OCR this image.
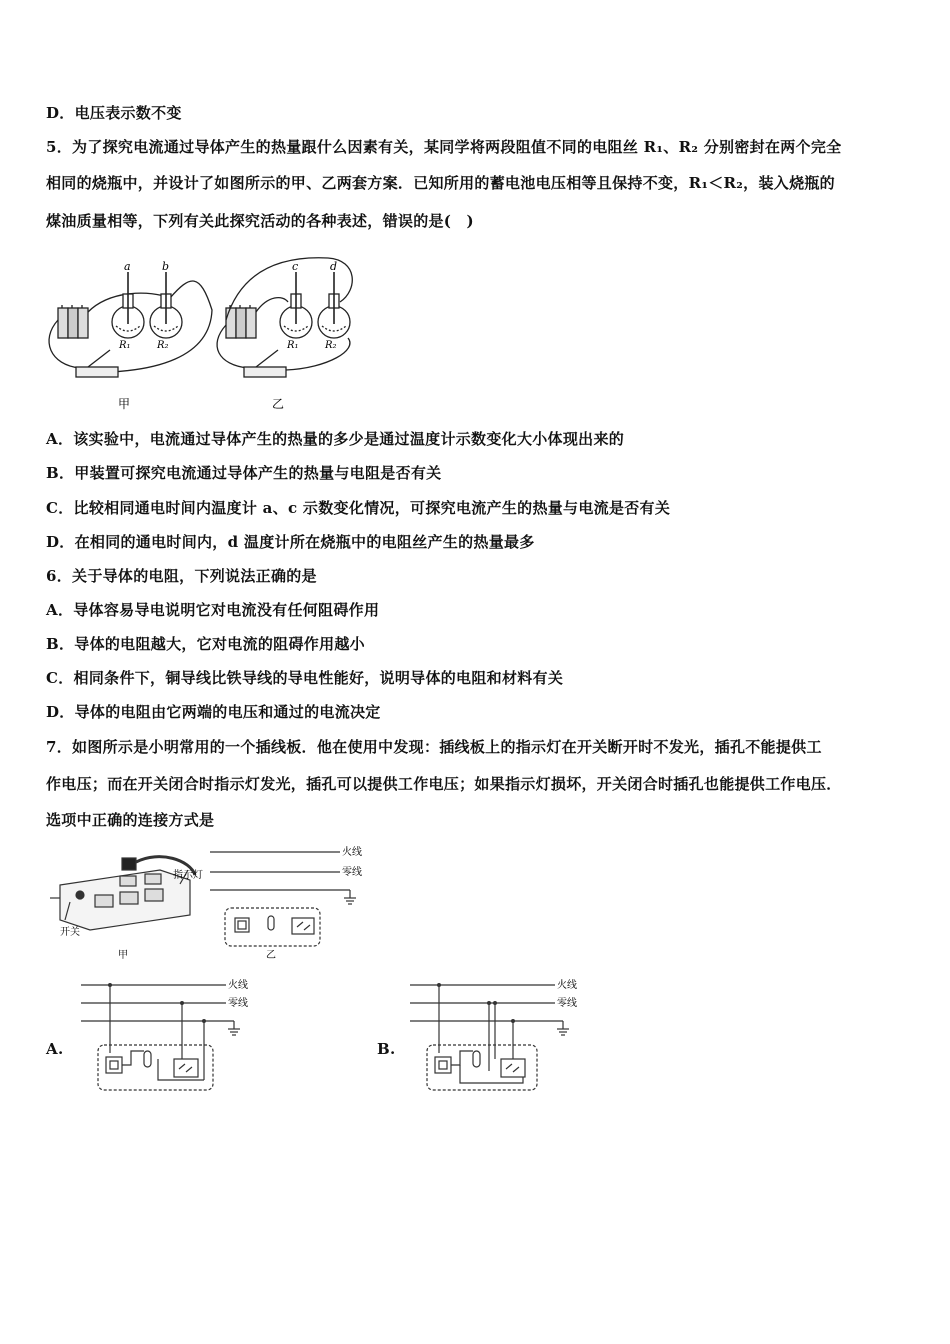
D．电压表示数不变
5．为了探究电流通过导体产生的热量跟什么因素有关，某同学将两段阻值不同的电阻丝 R₁、R₂ 分别密封在两个完全
相同的烧瓶中，并设计了如图所示的甲、乙两套方案．已知所用的蓄电池电压相等且保持不变，R₁＜R₂，装入烧瓶的
煤油质量相等，下列有关此探究活动的各种表述，错误的是(　)
a	b
R₁	R₂
甲
c	d
R₁	R₂
乙
A．该实验中，电流通过导体产生的热量的多少是通过温度计示数变化大小体现出来的
B．甲装置可探究电流通过导体产生的热量与电阻是否有关
C．比较相同通电时间内温度计 a、c 示数变化情况，可探究电流产生的热量与电流是否有关
D．在相同的通电时间内，d 温度计所在烧瓶中的电阻丝产生的热量最多
6．关于导体的电阻，下列说法正确的是
A．导体容易导电说明它对电流没有任何阻碍作用
B．导体的电阻越大，它对电流的阻碍作用越小
C．相同条件下，铜导线比铁导线的导电性能好，说明导体的电阻和材料有关
D．导体的电阻由它两端的电压和通过的电流决定
7．如图所示是小明常用的一个插线板．他在使用中发现：插线板上的指示灯在开关断开时不发光，插孔不能提供工
作电压；而在开关闭合时指示灯发光，插孔可以提供工作电压；如果指示灯损坏，开关闭合时插孔也能提供工作电压．
选项中正确的连接方式是
火线
零线
指示灯
开关
甲	乙
A.
火线
零线
B.
火线
零线
